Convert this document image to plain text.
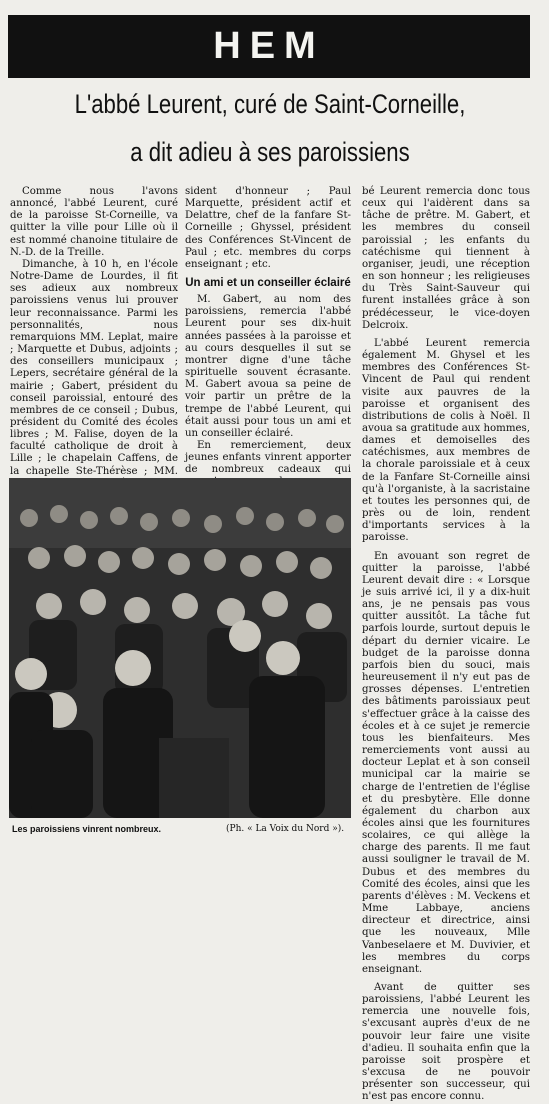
HEM
L'abbé Leurent, curé de Saint-Corneille,
a dit adieu à ses paroissiens

Comme nous l'avons annoncé, l'abbé Leurent, curé de la paroisse St-Corneille, va quitter la ville pour Lille où il est nommé chanoine titulaire de N.-D. de la Treille.

Dimanche, à 10 h, en l'école Notre-Dame de Lourdes, il fit ses adieux aux nombreux paroissiens venus lui prouver leur reconnaissance. Parmi les personnalités, nous remarquions MM. Leplat, maire ; Marquette et Dubus, adjoints ; des conseillers municipaux ; Lepers, secrétaire général de la mairie ; Gabert, président du conseil paroissial, entouré des membres de ce conseil ; Dubus, président du Comité des écoles libres ; M. Falise, doyen de la faculté catholique de droit à Lille ; le chapelain Caffens, de la chapelle Ste-Thérèse ; MM.

sident d'honneur ; Paul Marquette, président actif et Delattre, chef de la fanfare St-Corneille ; Ghyssel, président des Conférences St-Vincent de Paul ; etc. membres du corps enseignant ; etc.

Un ami et un conseiller éclairé

M. Gabert, au nom des paroissiens, remercia l'abbé Leurent pour ses dix-huit années passées à la paroisse et au cours desquelles il sut se montrer digne d'une tâche spirituelle souvent écrasante. M. Gabert avoua sa peine de voir partir un prêtre de la trempe de l'abbé Leurent, qui était aussi pour tous un ami et un conseiller éclairé.

En remerciement, deux jeunes enfants vinrent apporter de nombreux cadeaux qui

bé Leurent remercia donc tous ceux qui l'aidèrent dans sa tâche de prêtre. M. Gabert, et les membres du conseil paroissial ; les enfants du catéchisme qui tiennent à organiser, jeudi, une réception en son honneur ; les religieuses du Très Saint-Sauveur qui furent installées grâce à son prédécesseur, le vice-doyen Delcroix.

L'abbé Leurent remercia également M. Ghysel et les membres des Conférences St-Vincent de Paul qui rendent visite aux pauvres de la paroisse et organisent des distributions de colis à Noël. Il avoua sa gratitude aux hommes, dames et demoiselles des catéchismes, aux membres de la chorale paroissiale et à ceux de la Fanfare St-Corneille ainsi qu'à l'organiste, à la sacristaine et toutes les personnes qui, de près ou de loin, rendent d'importants services à la paroisse.

En avouant son regret de quitter la paroisse, l'abbé Leurent devait dire : « Lorsque je suis arrivé ici, il y a dix-huit ans, je ne pensais pas vous quitter aussitôt. La tâche fut parfois lourde, surtout depuis le départ du dernier vicaire. Le budget de la paroisse donna parfois bien du souci, mais heureusement il n'y eut pas de grosses dépenses. L'entretien des bâtiments paroissiaux peut s'effectuer grâce à la caisse des écoles et à ce sujet je remercie tous les bienfaiteurs. Mes remerciements vont aussi au docteur Leplat et à son conseil municipal car la mairie se charge de l'entretien de l'église et du presbytère. Elle donne également du charbon aux écoles ainsi que les fournitures scolaires, ce qui allège la charge des parents. Il me faut aussi souligner le travail de M. Dubus et des membres du Comité des écoles, ainsi que les parents d'élèves : M. Veckens et Mme Labbaye, anciens directeur et directrice, ainsi que les nouveaux, Mlle Vanbeselaere et M. Duvivier, et les membres du corps enseignant.

Avant de quitter ses paroissiens, l'abbé Leurent les remercia une nouvelle fois, s'excusant auprès d'eux de ne pouvoir leur faire une visite d'adieu. Il souhaita enfin que la paroisse soit prospère et s'excusa de ne pouvoir présenter son successeur, qui n'est pas encore connu.

Les paroissiens vinrent nombreux.	(Ph. « La Voix du Nord »).
